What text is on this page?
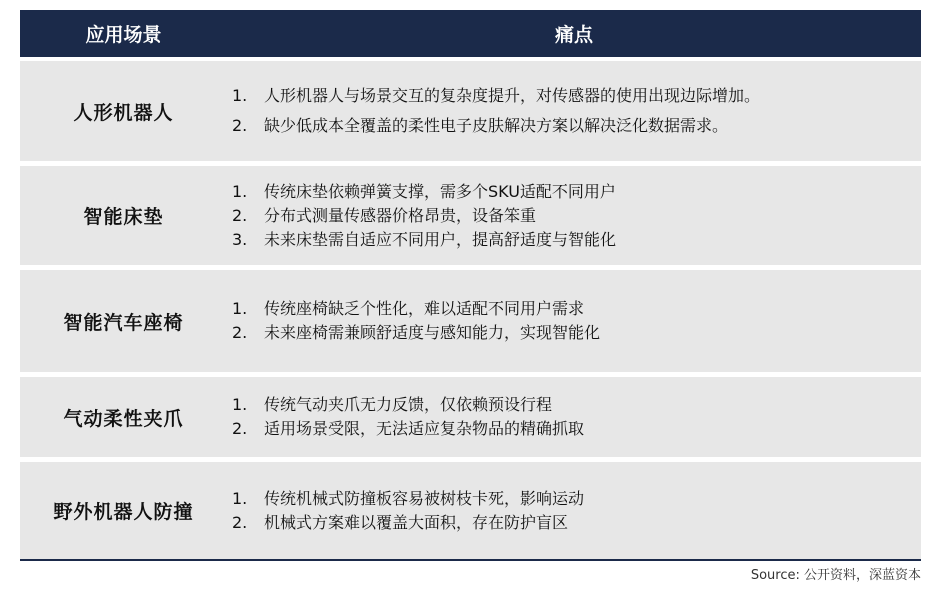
应用场景	痛点
人形机器人
1.	人形机器人与场景交互的复杂度提升，对传感器的使用出现边际增加。
2.	缺少低成本全覆盖的柔性电子皮肤解决方案以解决泛化数据需求。
智能床垫
1.	传统床垫依赖弹簧支撑，需多个SKU适配不同用户
2.	分布式测量传感器价格昂贵，设备笨重
3.	未来床垫需自适应不同用户，提高舒适度与智能化
智能汽车座椅
1.	传统座椅缺乏个性化，难以适配不同用户需求
2.	未来座椅需兼顾舒适度与感知能力，实现智能化
气动柔性夹爪
1.	传统气动夹爪无力反馈，仅依赖预设行程
2.	适用场景受限，无法适应复杂物品的精确抓取
野外机器人防撞
1.	传统机械式防撞板容易被树枝卡死，影响运动
2.	机械式方案难以覆盖大面积，存在防护盲区
Source: 公开资料，深蓝资本
